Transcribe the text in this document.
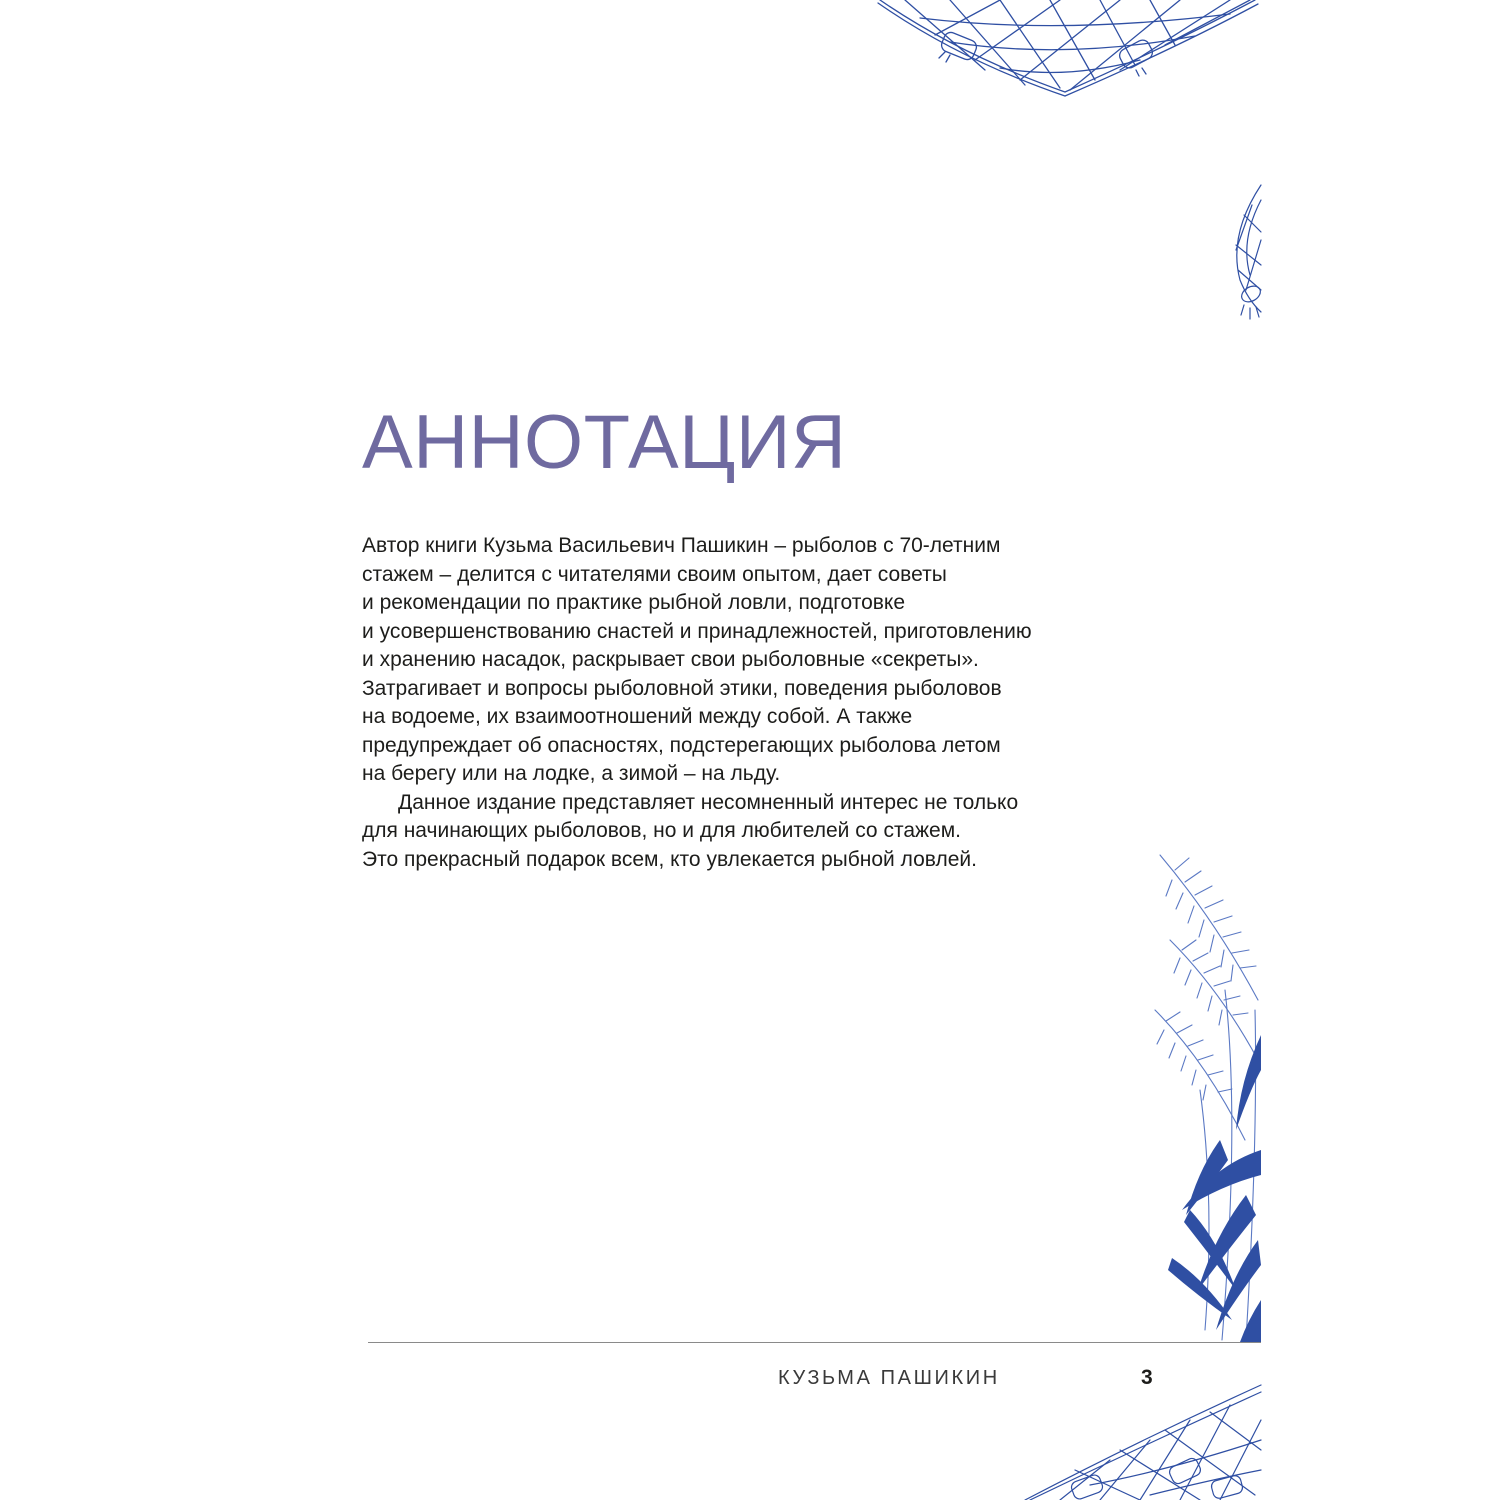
АННОТАЦИЯ
Автор книги Кузьма Васильевич Пашикин – рыболов с 70-летним
стажем – делится с читателями своим опытом, дает советы
и рекомендации по практике рыбной ловли, подготовке
и усовершенствованию снастей и принадлежностей, приготовлению
и хранению насадок, раскрывает свои рыболовные «секреты».
Затрагивает и вопросы рыболовной этики, поведения рыболовов
на водоеме, их взаимоотношений между собой. А также
предупреждает об опасностях, подстерегающих рыболова летом
на берегу или на лодке, а зимой – на льду.
Данное издание представляет несомненный интерес не только
для начинающих рыболовов, но и для любителей со стажем.
Это прекрасный подарок всем, кто увлекается рыбной ловлей.
КУЗЬМА ПАШИКИН	3
